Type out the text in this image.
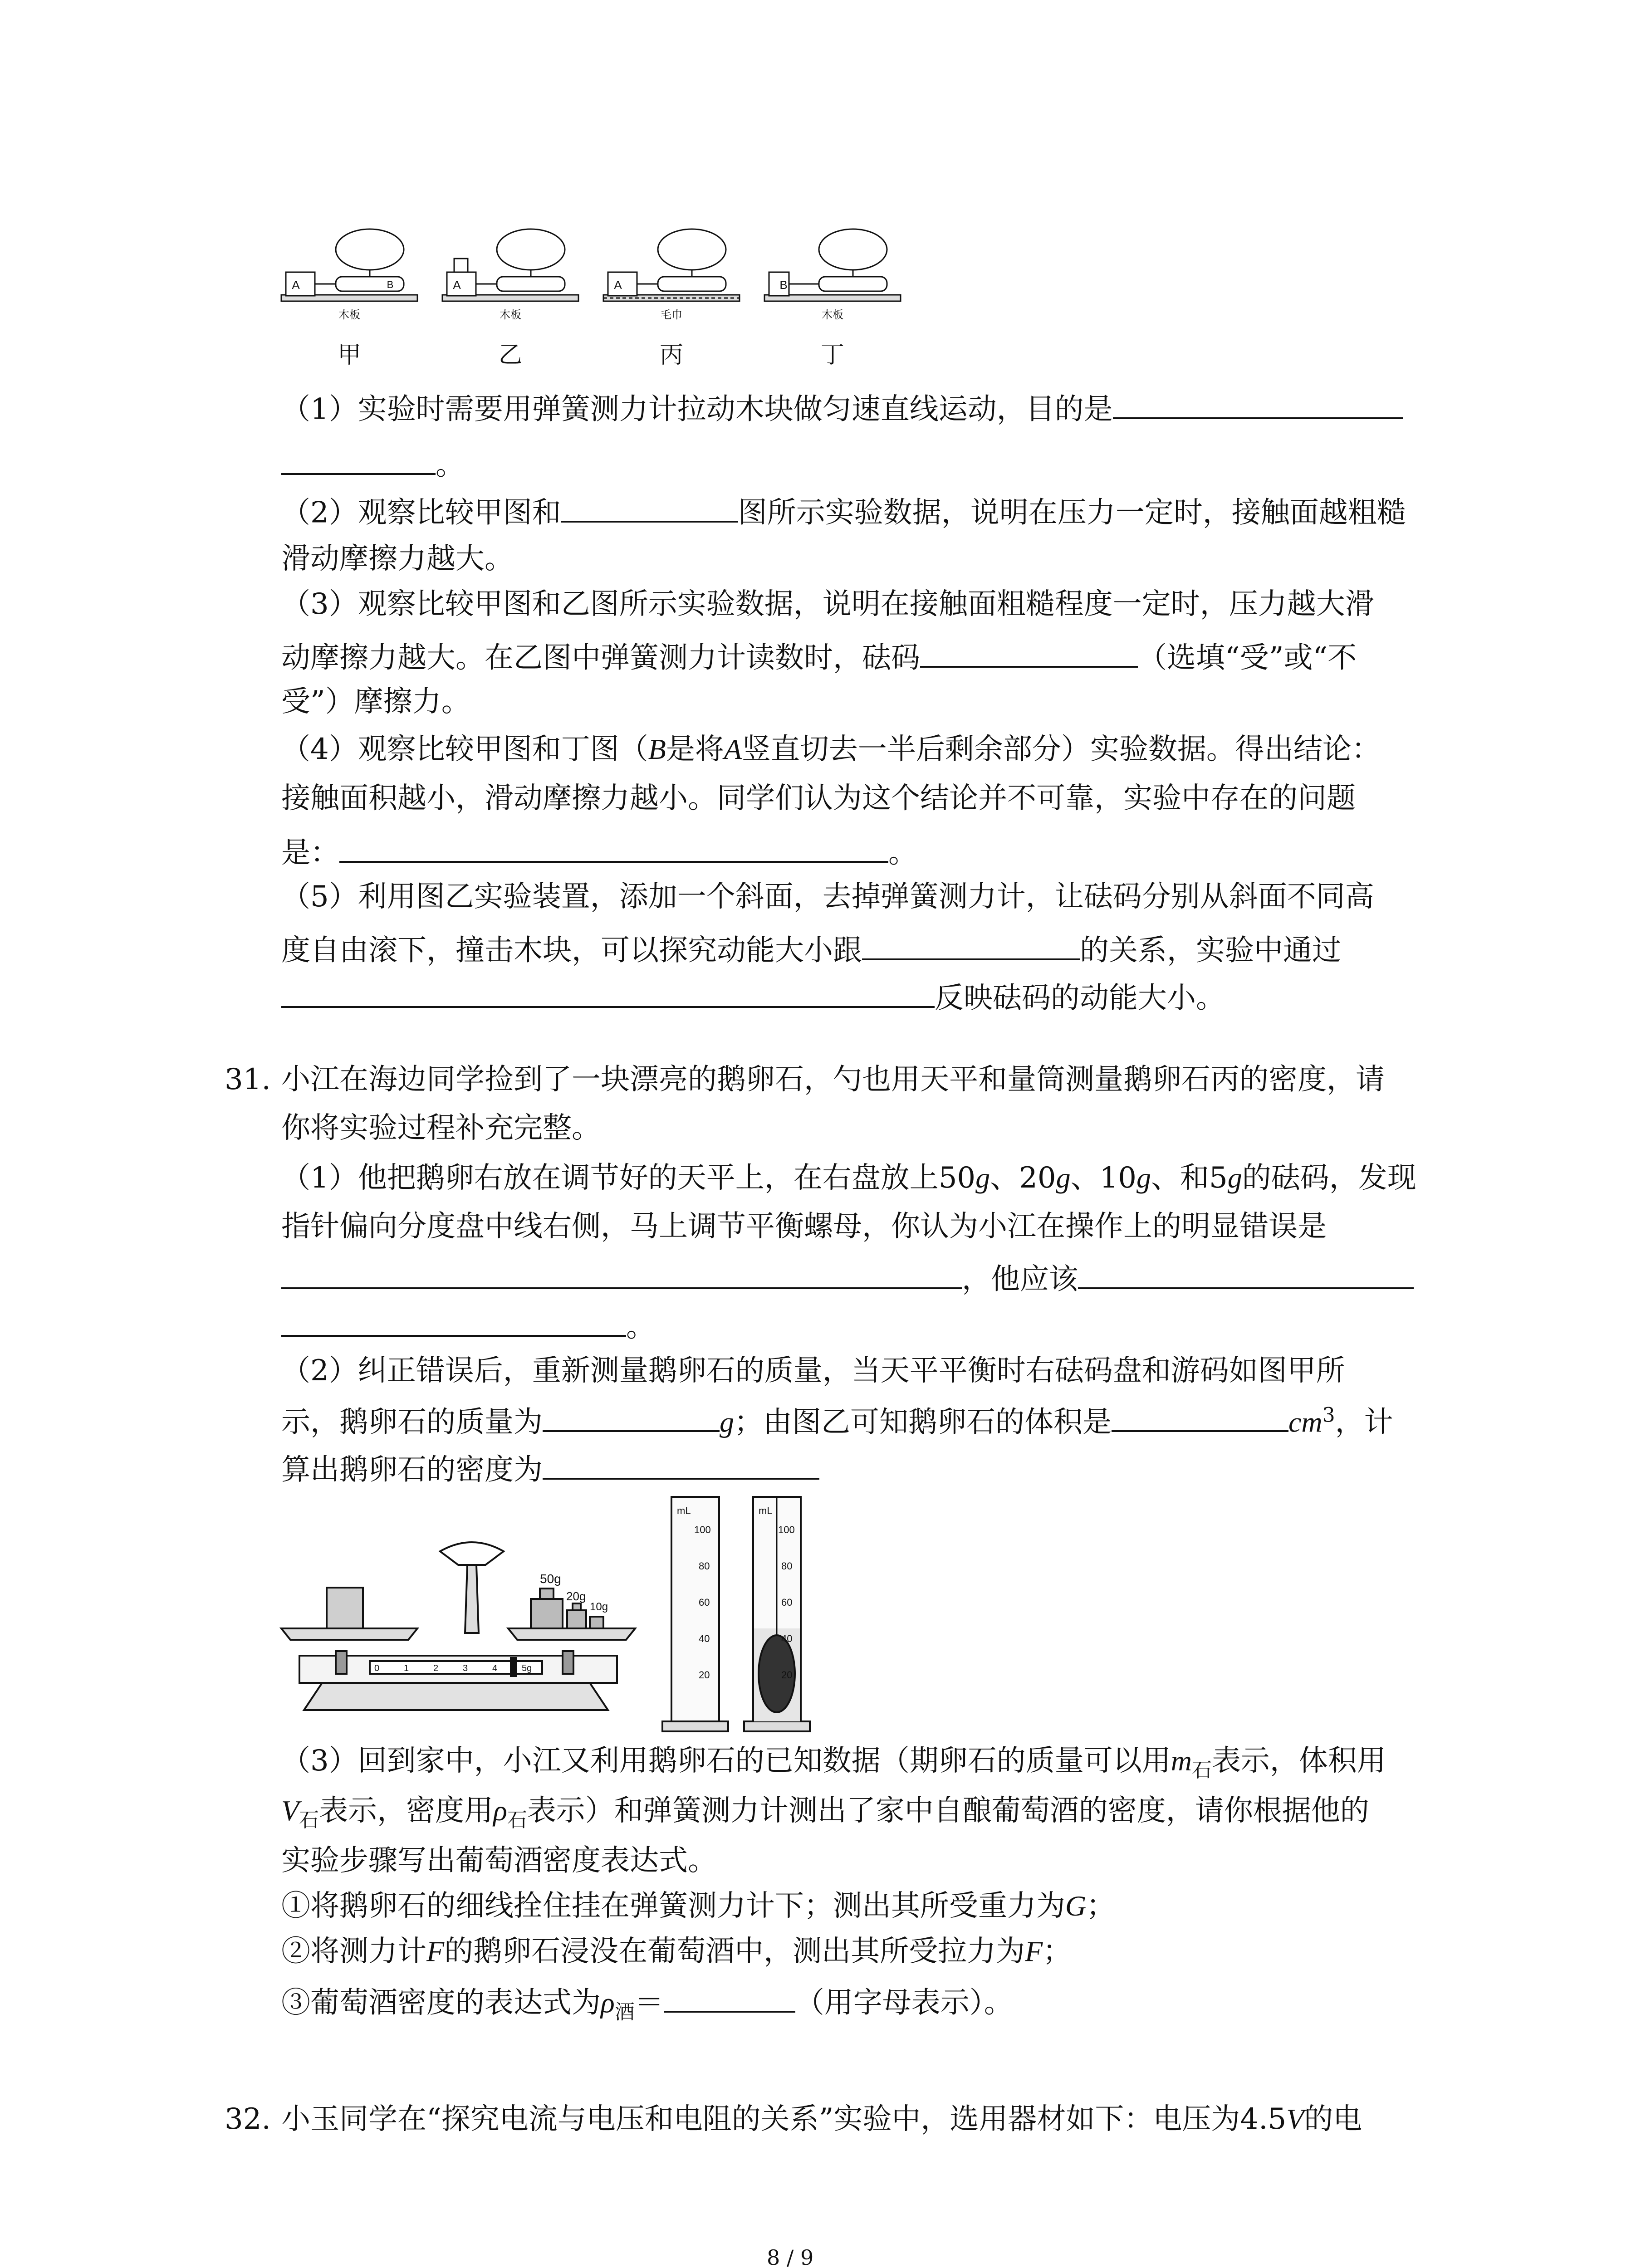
A	A	A	B
B
木板	木板	毛巾	木板
甲	乙	丙	丁
（1）实验时需要用弹簧测力计拉动木块做匀速直线运动，目的是
。
（2）观察比较甲图和	图所示实验数据，说明在压力一定时，接触面越粗糙
滑动摩擦力越大。
（3）观察比较甲图和乙图所示实验数据，说明在接触面粗糙程度一定时，压力越大滑
动摩擦力越大。在乙图中弹簧测力计读数时，砝码	（选填“受”或“不
受”）摩擦力。
（4）观察比较甲图和丁图（B是将A竖直切去一半后剩余部分）实验数据。得出结论：
接触面积越小，滑动摩擦力越小。同学们认为这个结论并不可靠，实验中存在的问题
是：	。
（5）利用图乙实验装置，添加一个斜面，去掉弹簧测力计，让砝码分别从斜面不同高
度自由滚下，撞击木块，可以探究动能大小跟	的关系，实验中通过
反映砝码的动能大小。
31. 小江在海边同学捡到了一块漂亮的鹅卵石，勺也用天平和量筒测量鹅卵石丙的密度，请
你将实验过程补充完整。
（1）他把鹅卵右放在调节好的天平上，在右盘放上50g、20g、10g、和5g的砝码，发现
指针偏向分度盘中线右侧，马上调节平衡螺母，你认为小江在操作上的明显错误是
，他应该
。
（2）纠正错误后，重新测量鹅卵石的质量，当天平平衡时右砝码盘和游码如图甲所
示，鹅卵石的质量为	g；由图乙可知鹅卵石的体积是	$cm^3$，计
算出鹅卵石的密度为
50g
20g
10g
0	1	2	3	4	5g
mL
100
80
60
40
20
mL
100
80
60
40
20
（3）回到家中，小江又利用鹅卵石的已知数据（期卵石的质量可以用$m_石$表示，体积用
$V_石$表示，密度用$\rho_石$表示）和弹簧测力计测出了家中自酿葡萄酒的密度，请你根据他的
实验步骤写出葡萄酒密度表达式。
①将鹅卵石的细线拴住挂在弹簧测力计下；测出其所受重力为G；
②将测力计F的鹅卵石浸没在葡萄酒中，测出其所受拉力为F；
③葡萄酒密度的表达式为$\rho_酒=$	（用字母表示）。
32. 小玉同学在“探究电流与电压和电阻的关系”实验中，选用器材如下：电压为4.5V的电
8 / 9
